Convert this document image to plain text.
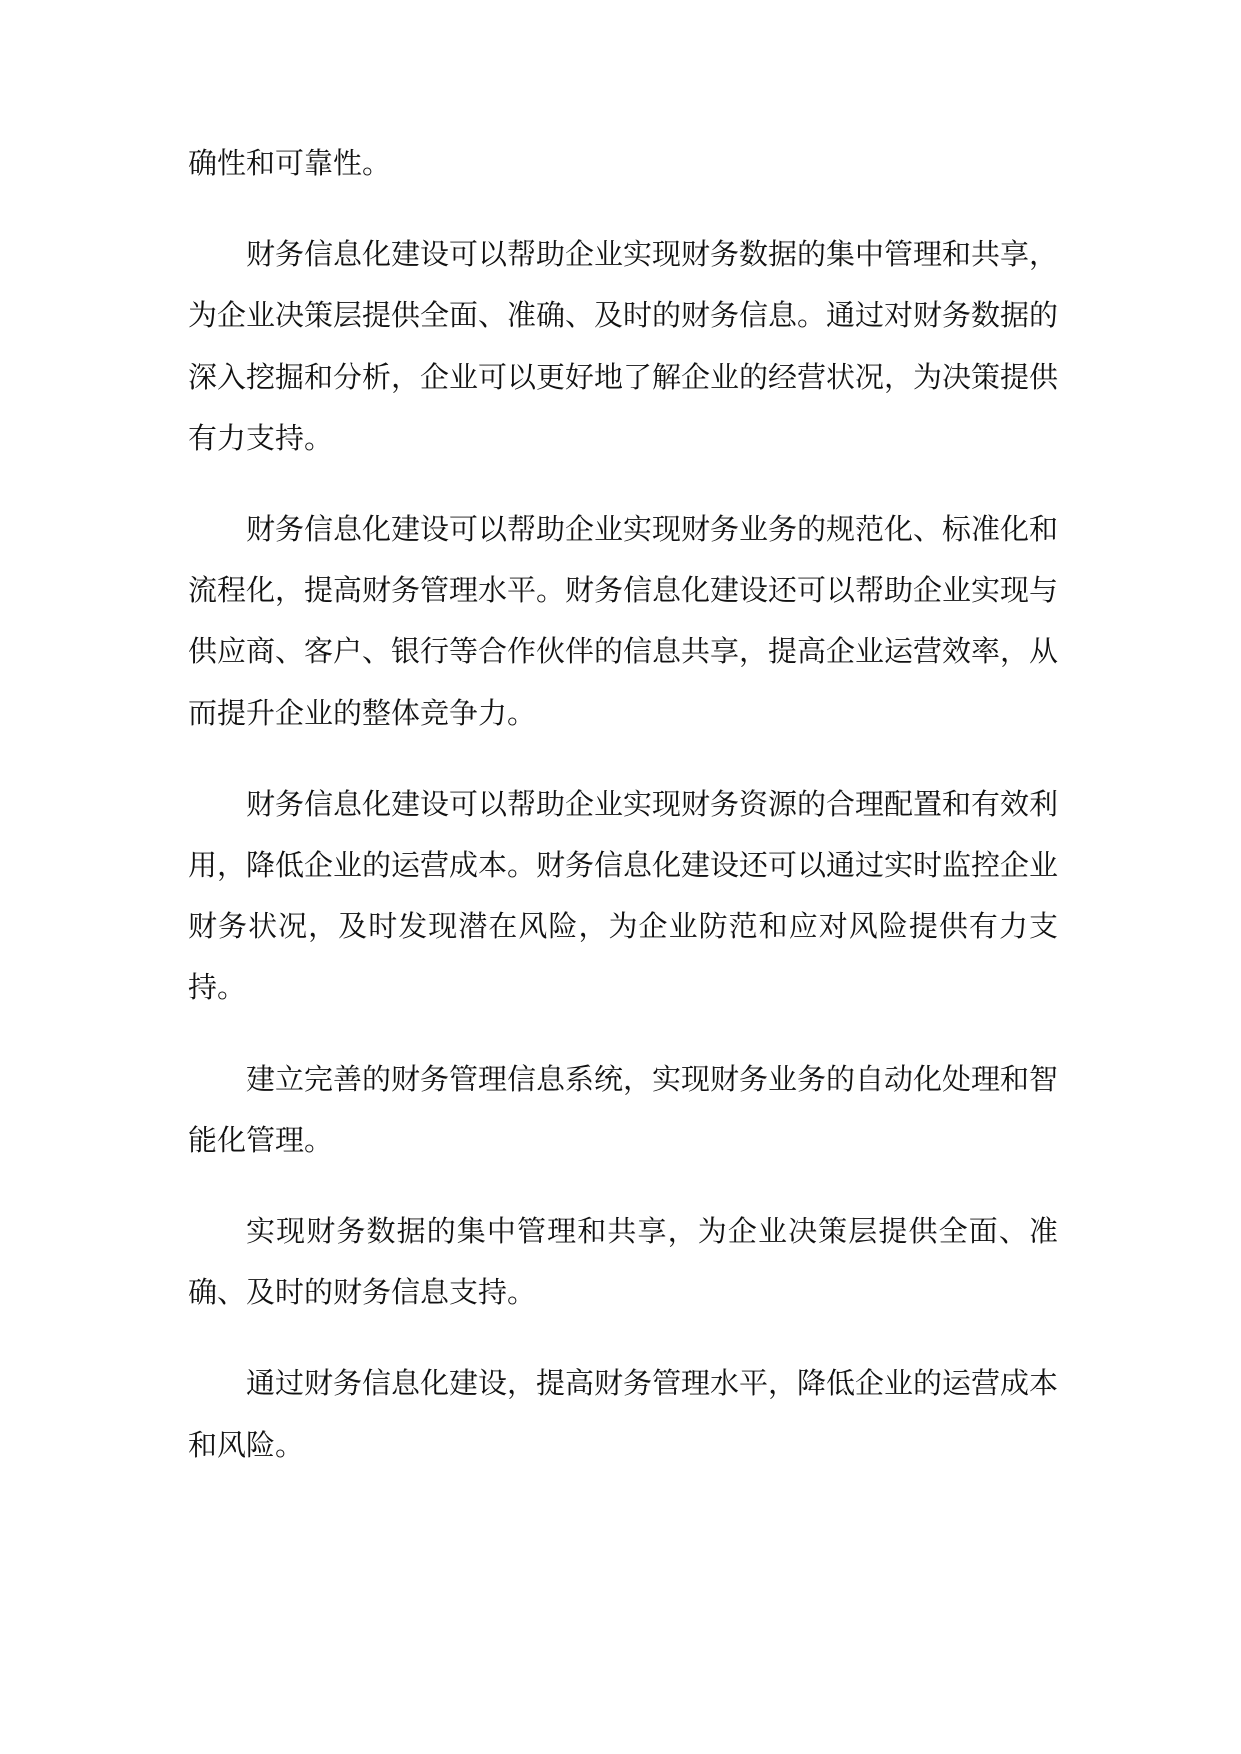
确性和可靠性。

财务信息化建设可以帮助企业实现财务数据的集中管理和共享，为企业决策层提供全面、准确、及时的财务信息。通过对财务数据的深入挖掘和分析，企业可以更好地了解企业的经营状况，为决策提供有力支持。

财务信息化建设可以帮助企业实现财务业务的规范化、标准化和流程化，提高财务管理水平。财务信息化建设还可以帮助企业实现与供应商、客户、银行等合作伙伴的信息共享，提高企业运营效率，从而提升企业的整体竞争力。

财务信息化建设可以帮助企业实现财务资源的合理配置和有效利用，降低企业的运营成本。财务信息化建设还可以通过实时监控企业财务状况，及时发现潜在风险，为企业防范和应对风险提供有力支持。

建立完善的财务管理信息系统，实现财务业务的自动化处理和智能化管理。

实现财务数据的集中管理和共享，为企业决策层提供全面、准确、及时的财务信息支持。

通过财务信息化建设，提高财务管理水平，降低企业的运营成本和风险。
